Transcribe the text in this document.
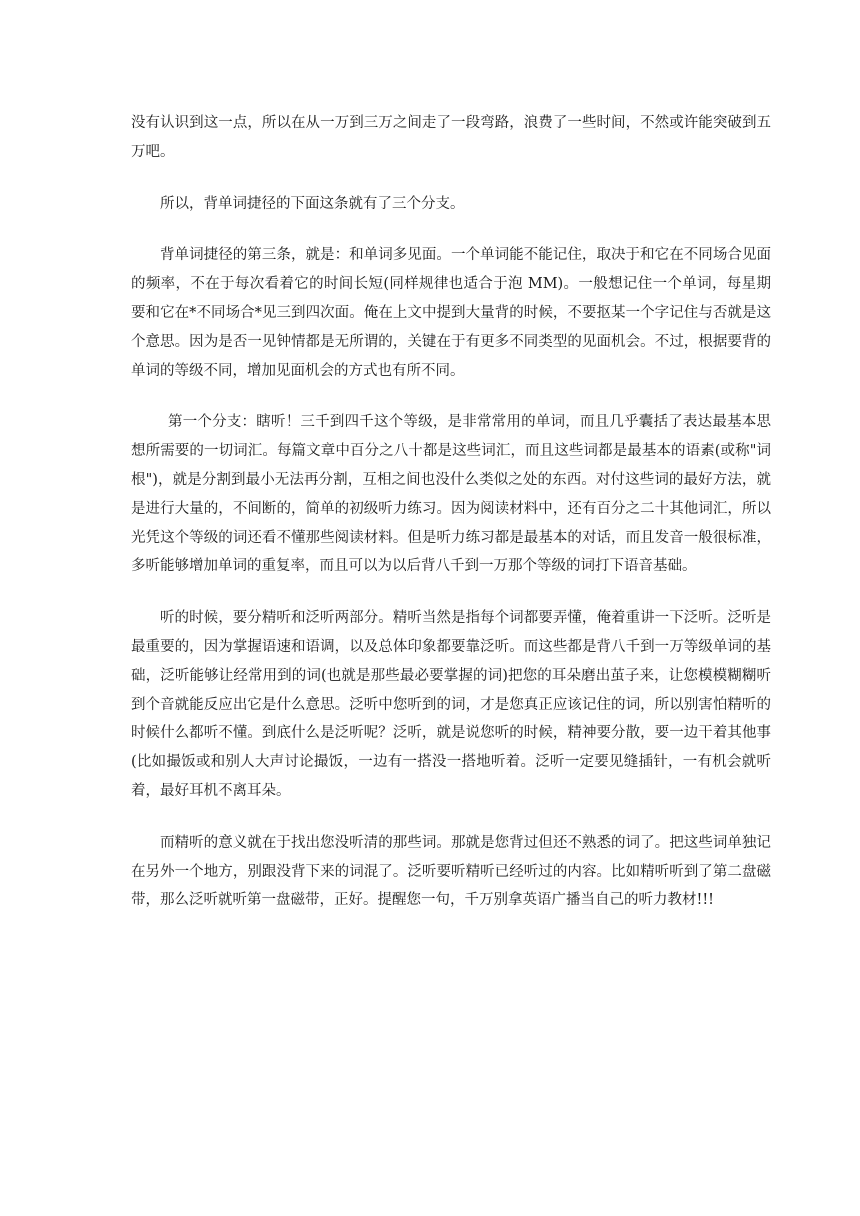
没有认识到这一点，所以在从一万到三万之间走了一段弯路，浪费了一些时间，不然或许能突破到五万吧。

所以，背单词捷径的下面这条就有了三个分支。

背单词捷径的第三条，就是：和单词多见面。一个单词能不能记住，取决于和它在不同场合见面的频率，不在于每次看着它的时间长短(同样规律也适合于泡 MM)。一般想记住一个单词，每星期要和它在*不同场合*见三到四次面。俺在上文中提到大量背的时候，不要抠某一个字记住与否就是这个意思。因为是否一见钟情都是无所谓的，关键在于有更多不同类型的见面机会。不过，根据要背的单词的等级不同，增加见面机会的方式也有所不同。

第一个分支：瞎听！三千到四千这个等级，是非常常用的单词，而且几乎囊括了表达最基本思想所需要的一切词汇。每篇文章中百分之八十都是这些词汇，而且这些词都是最基本的语素(或称"词根")，就是分割到最小无法再分割，互相之间也没什么类似之处的东西。对付这些词的最好方法，就是进行大量的，不间断的，简单的初级听力练习。因为阅读材料中，还有百分之二十其他词汇，所以光凭这个等级的词还看不懂那些阅读材料。但是听力练习都是最基本的对话，而且发音一般很标准，多听能够增加单词的重复率，而且可以为以后背八千到一万那个等级的词打下语音基础。

听的时候，要分精听和泛听两部分。精听当然是指每个词都要弄懂，俺着重讲一下泛听。泛听是最重要的，因为掌握语速和语调，以及总体印象都要靠泛听。而这些都是背八千到一万等级单词的基础，泛听能够让经常用到的词(也就是那些最必要掌握的词)把您的耳朵磨出茧子来，让您模模糊糊听到个音就能反应出它是什么意思。泛听中您听到的词，才是您真正应该记住的词，所以别害怕精听的时候什么都听不懂。到底什么是泛听呢？泛听，就是说您听的时候，精神要分散，要一边干着其他事(比如撮饭或和别人大声讨论撮饭，一边有一搭没一搭地听着。泛听一定要见缝插针，一有机会就听着，最好耳机不离耳朵。

而精听的意义就在于找出您没听清的那些词。那就是您背过但还不熟悉的词了。把这些词单独记在另外一个地方，别跟没背下来的词混了。泛听要听精听已经听过的内容。比如精听听到了第二盘磁带，那么泛听就听第一盘磁带，正好。提醒您一句，千万别拿英语广播当自己的听力教材!!!
